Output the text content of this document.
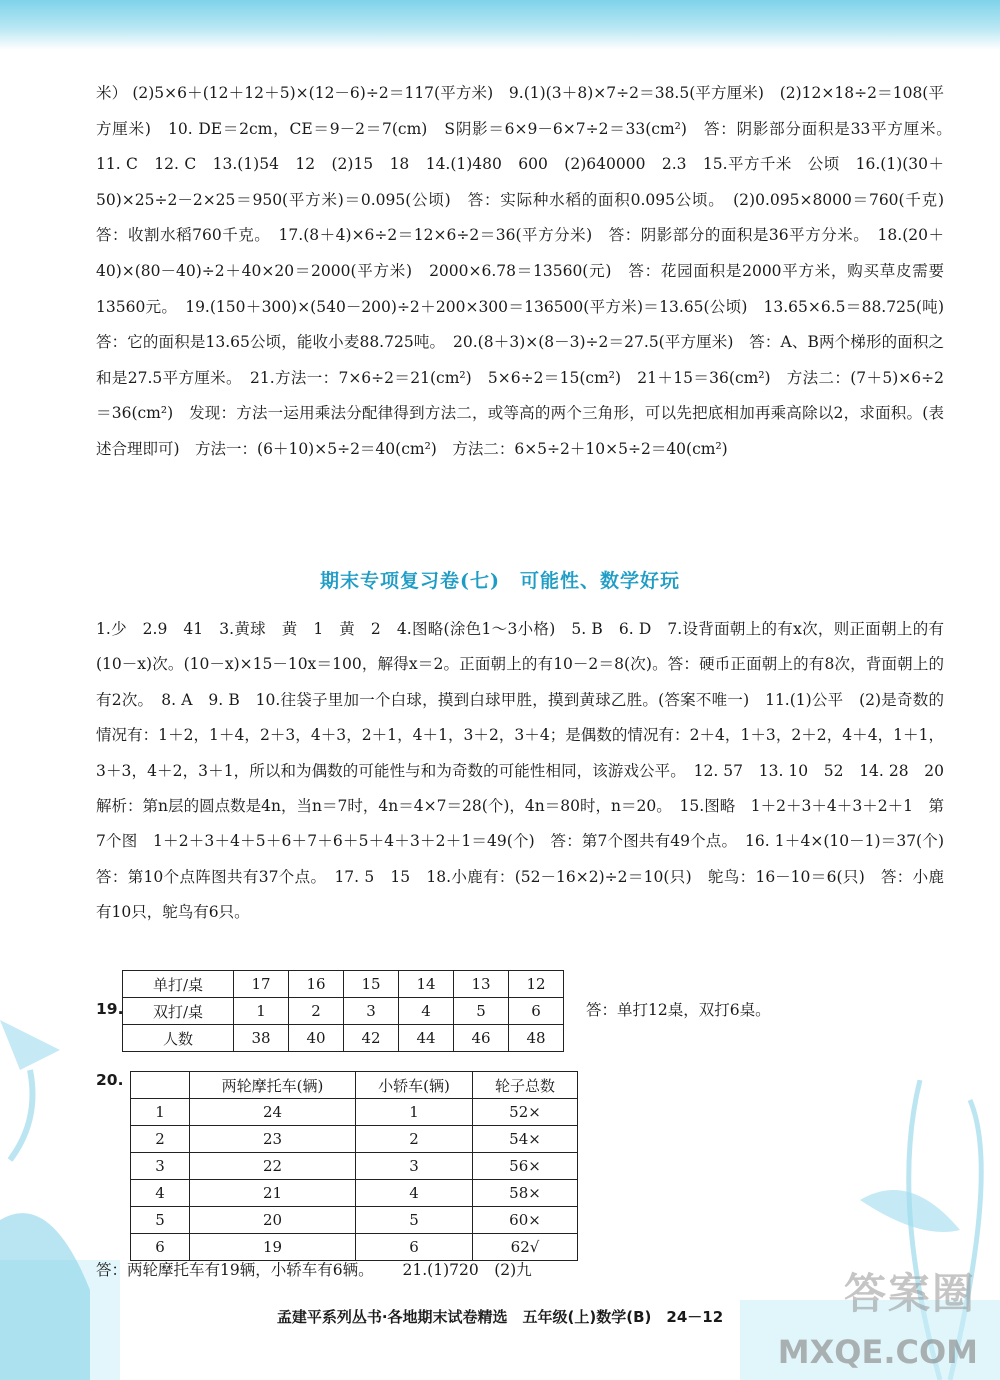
米） (2)5×6＋(12＋12＋5)×(12－6)÷2＝117(平方米)　9.(1)(3＋8)×7÷2＝38.5(平方厘米)　(2)12×18÷2＝108(平方厘米)　10. DE＝2cm，CE＝9－2＝7(cm)　S阴影＝6×9－6×7÷2＝33(cm²)　答：阴影部分面积是33平方厘米。　11. C　12. C　13.(1)54　12　(2)15　18　14.(1)480　600　(2)640000　2.3　15.平方千米　公顷　16.(1)(30＋50)×25÷2－2×25＝950(平方米)＝0.095(公顷)　答：实际种水稻的面积0.095公顷。　(2)0.095×8000＝760(千克)　答：收割水稻760千克。　17.(8＋4)×6÷2＝12×6÷2＝36(平方分米)　答：阴影部分的面积是36平方分米。　18.(20＋40)×(80－40)÷2＋40×20＝2000(平方米)　2000×6.78＝13560(元)　答：花园面积是2000平方米，购买草皮需要13560元。　19.(150＋300)×(540－200)÷2＋200×300＝136500(平方米)＝13.65(公顷)　13.65×6.5＝88.725(吨)　答：它的面积是13.65公顷，能收小麦88.725吨。　20.(8＋3)×(8－3)÷2＝27.5(平方厘米)　答：A、B两个梯形的面积之和是27.5平方厘米。　21.方法一：7×6÷2＝21(cm²)　5×6÷2＝15(cm²)　21＋15＝36(cm²)　方法二：(7＋5)×6÷2＝36(cm²)　发现：方法一运用乘法分配律得到方法二，或等高的两个三角形，可以先把底相加再乘高除以2，求面积。(表述合理即可)　方法一：(6＋10)×5÷2＝40(cm²)　方法二：6×5÷2＋10×5÷2＝40(cm²)
期末专项复习卷(七)　可能性、数学好玩
1.少　2.9　41　3.黄球　黄　1　黄　2　4.图略(涂色1～3小格)　5. B　6. D　7.设背面朝上的有x次，则正面朝上的有(10－x)次。(10－x)×15－10x＝100，解得x＝2。正面朝上的有10－2＝8(次)。答：硬币正面朝上的有8次，背面朝上的有2次。　8. A　9. B　10.往袋子里加一个白球，摸到白球甲胜，摸到黄球乙胜。(答案不唯一)　11.(1)公平　(2)是奇数的情况有：1＋2，1＋4，2＋3，4＋3，2＋1，4＋1，3＋2，3＋4；是偶数的情况有：2＋4，1＋3，2＋2，4＋4，1＋1，3＋3，4＋2，3＋1，所以和为偶数的可能性与和为奇数的可能性相同，该游戏公平。　12. 57　13. 10　52　14. 28　20　解析：第n层的圆点数是4n，当n＝7时，4n＝4×7＝28(个)，4n＝80时，n＝20。　15.图略　1＋2＋3＋4＋3＋2＋1　第7个图　1＋2＋3＋4＋5＋6＋7＋6＋5＋4＋3＋2＋1＝49(个)　答：第7个图共有49个点。　16. 1＋4×(10－1)＝37(个)　答：第10个点阵图共有37个点。　17. 5　15　18.小鹿有：(52－16×2)÷2＝10(只)　鸵鸟：16－10＝6(只)　答：小鹿有10只，鸵鸟有6只。
19.
单打/桌	17	16	15	14	13	12
双打/桌	1	2	3	4	5	6
人数	38	40	42	44	46	48
答：单打12桌，双打6桌。
20.
		两轮摩托车(辆)	小轿车(辆)	轮子总数
1	24	1	52×
2	23	2	54×
3	22	3	56×
4	21	4	58×
5	20	5	60×
6	19	6	62√
答：两轮摩托车有19辆，小轿车有6辆。 21.(1)720　(2)九
孟建平系列丛书·各地期末试卷精选　五年级(上)数学(B)　24－12	答案圈
MXQE.COM
